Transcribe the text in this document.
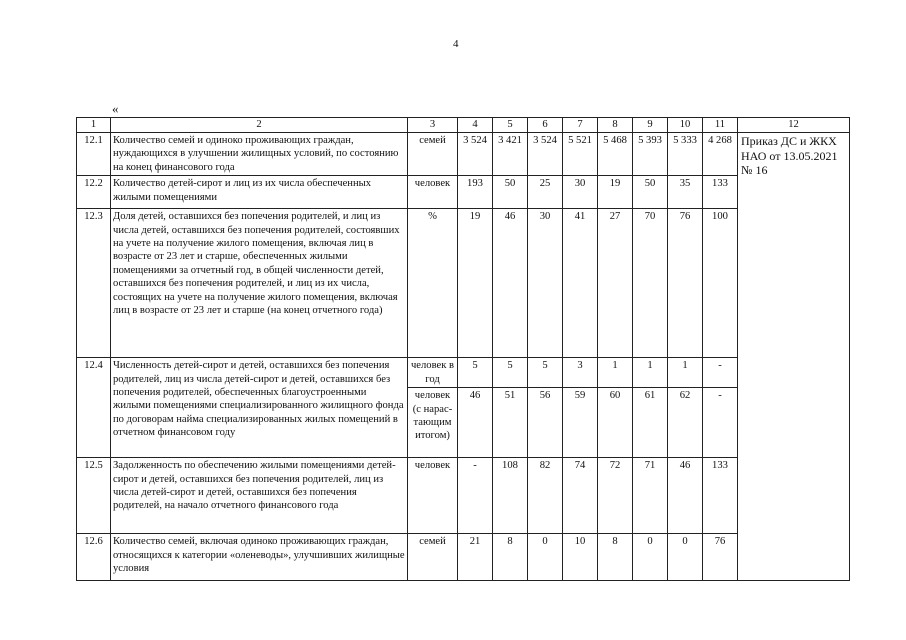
4
«
1	2	3	4	5	6	7	8	9	10	11	12
12.1	Количество семей и одиноко проживающих граждан, нуждающихся в улучшении жилищных условий, по состоянию на конец финансового года	семей	3 524	3 421	3 524	5 521	5 468	5 393	5 333	4 268	Приказ ДС и ЖКХ НАО от 13.05.2021 № 16
12.2	Количество детей-сирот и лиц из их числа обеспеченных жилыми помещениями	человек	193	50	25	30	19	50	35	133	
12.3	Доля детей, оставшихся без попечения родителей, и лиц из числа детей, оставшихся без попечения родителей, состоявших на учете на получение жилого помещения, включая лиц в возрасте от 23 лет и старше, обеспеченных жилыми помещениями за отчетный год, в общей численности детей, оставшихся без попечения родителей, и лиц из их числа, состоящих на учете на получение жилого помещения, включая лиц в возрасте от 23 лет и старше (на конец отчетного года)	%	19	46	30	41	27	70	76	100	
12.4	Численность детей-сирот и детей, оставшихся без попечения родителей, лиц из числа детей-сирот и детей, оставшихся без попечения родителей, обеспеченных благоустроенными жилыми помещениями специализированного жилищного фонда по договорам найма специализированных жилых помещений в отчетном финансовом году	человек в год	5	5	5	3	1	1	1	-	
		человек (с нарас-тающим итогом)	46	51	56	59	60	61	62	-	
12.5	Задолженность по обеспечению жилыми помещениями детей-сирот и детей, оставшихся без попечения родителей, лиц из числа детей-сирот и детей, оставшихся без попечения родителей, на начало отчетного финансового года	человек	-	108	82	74	72	71	46	133	
12.6	Количество семей, включая одиноко проживающих граждан, относящихся к категории «оленеводы», улучшивших жилищные условия	семей	21	8	0	10	8	0	0	76	
